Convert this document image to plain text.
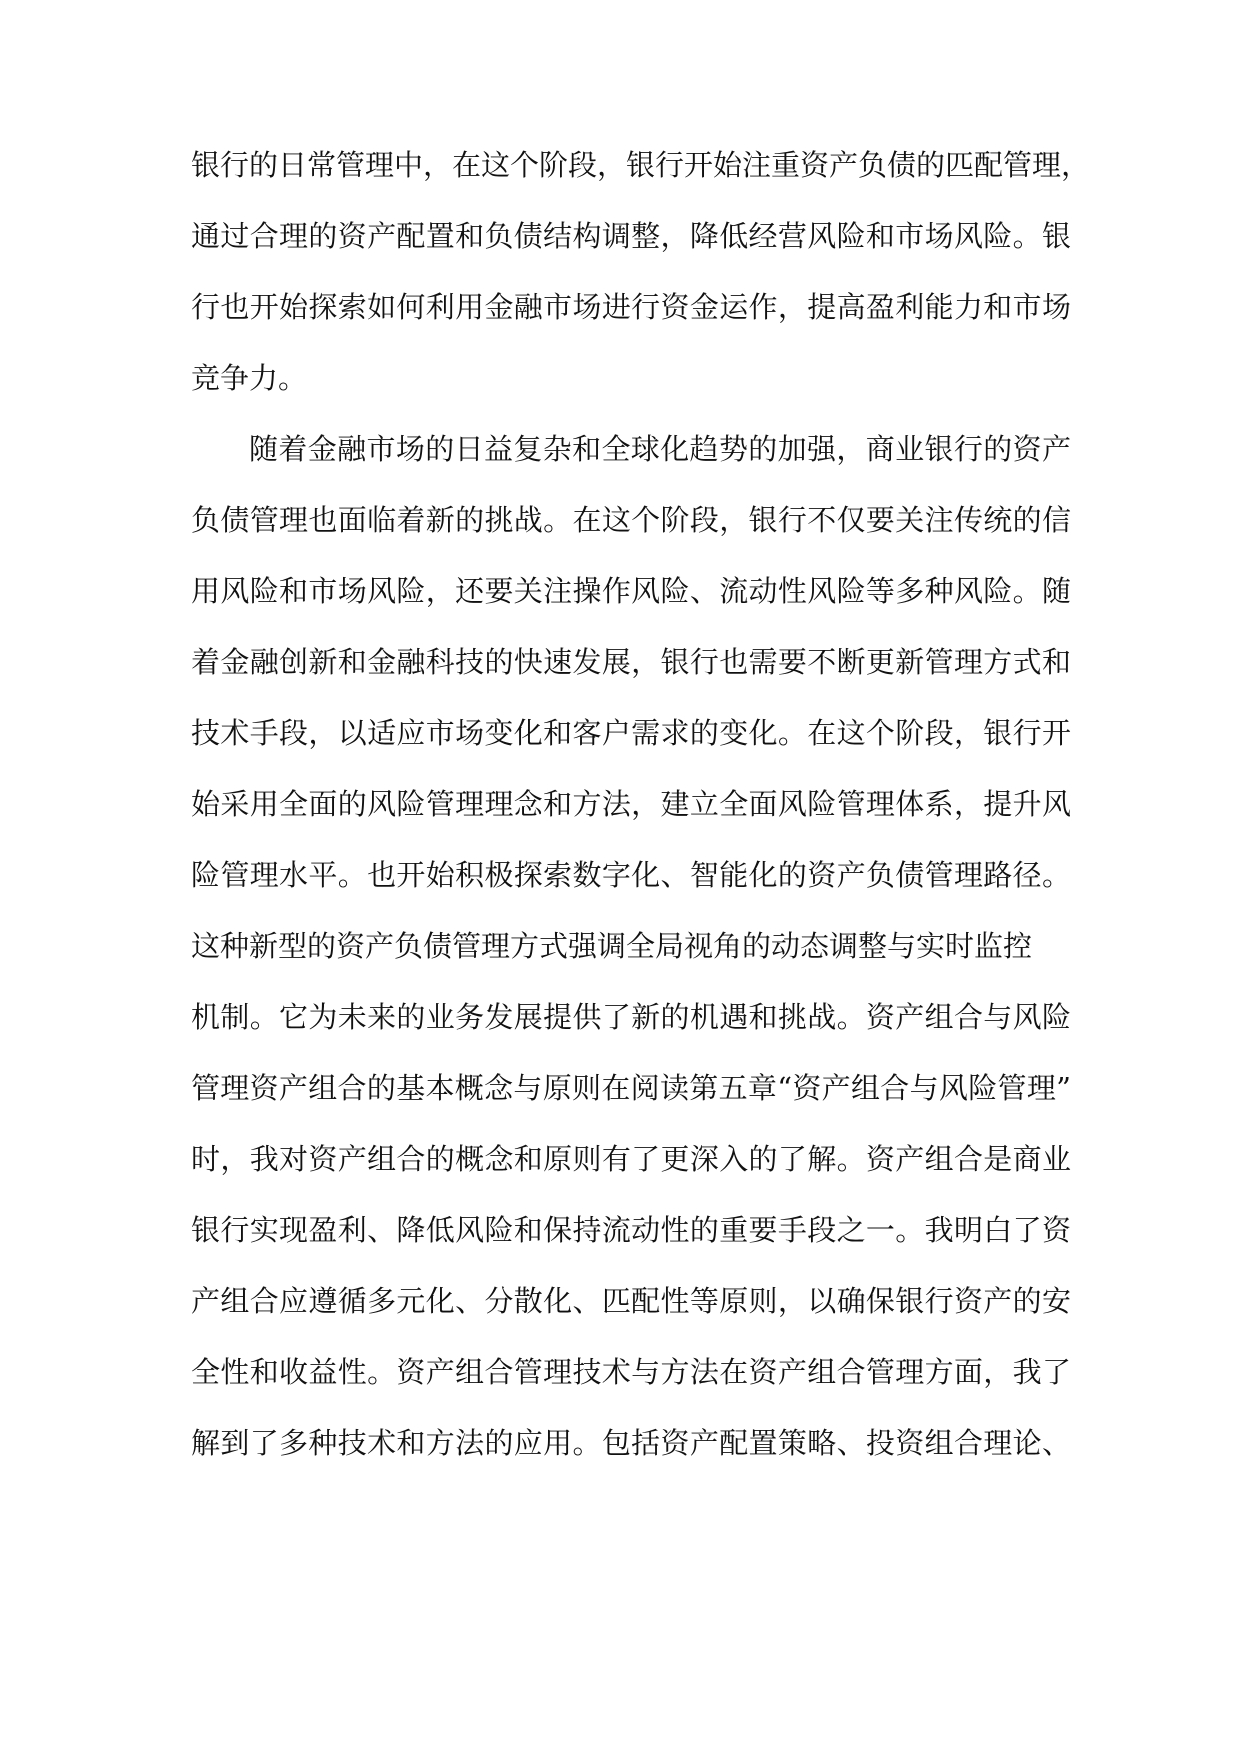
银行的日常管理中，在这个阶段，银行开始注重资产负债的匹配管理，
通过合理的资产配置和负债结构调整，降低经营风险和市场风险。银
行也开始探索如何利用金融市场进行资金运作，提高盈利能力和市场
竞争力。
随着金融市场的日益复杂和全球化趋势的加强，商业银行的资产
负债管理也面临着新的挑战。在这个阶段，银行不仅要关注传统的信
用风险和市场风险，还要关注操作风险、流动性风险等多种风险。随
着金融创新和金融科技的快速发展，银行也需要不断更新管理方式和
技术手段，以适应市场变化和客户需求的变化。在这个阶段，银行开
始采用全面的风险管理理念和方法，建立全面风险管理体系，提升风
险管理水平。也开始积极探索数字化、智能化的资产负债管理路径。
这种新型的资产负债管理方式强调全局视角的动态调整与实时监控
机制。它为未来的业务发展提供了新的机遇和挑战。资产组合与风险
管理资产组合的基本概念与原则在阅读第五章“资产组合与风险管理”
时，我对资产组合的概念和原则有了更深入的了解。资产组合是商业
银行实现盈利、降低风险和保持流动性的重要手段之一。我明白了资
产组合应遵循多元化、分散化、匹配性等原则，以确保银行资产的安
全性和收益性。资产组合管理技术与方法在资产组合管理方面，我了
解到了多种技术和方法的应用。包括资产配置策略、投资组合理论、
